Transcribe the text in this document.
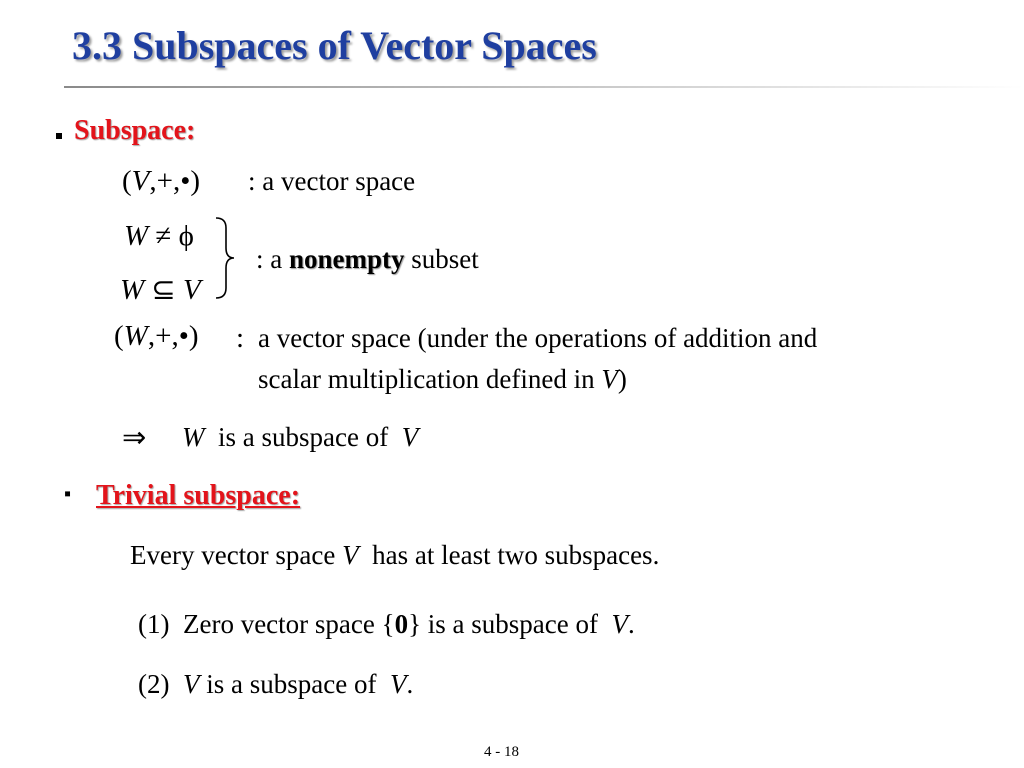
3.3 Subspaces of Vector Spaces
Subspace:
(V,+,•) : a vector space
W ≠ ϕ
W ⊆ V
: a nonempty subset
(W,+,•) : a vector space (under the operations of addition and
scalar multiplication defined in V)
⇒ W is a subspace of V
▪ Trivial subspace:
Every vector space V has at least two subspaces.
(1) Zero vector space {0} is a subspace of V.
(2) V is a subspace of V.
4 - 18
